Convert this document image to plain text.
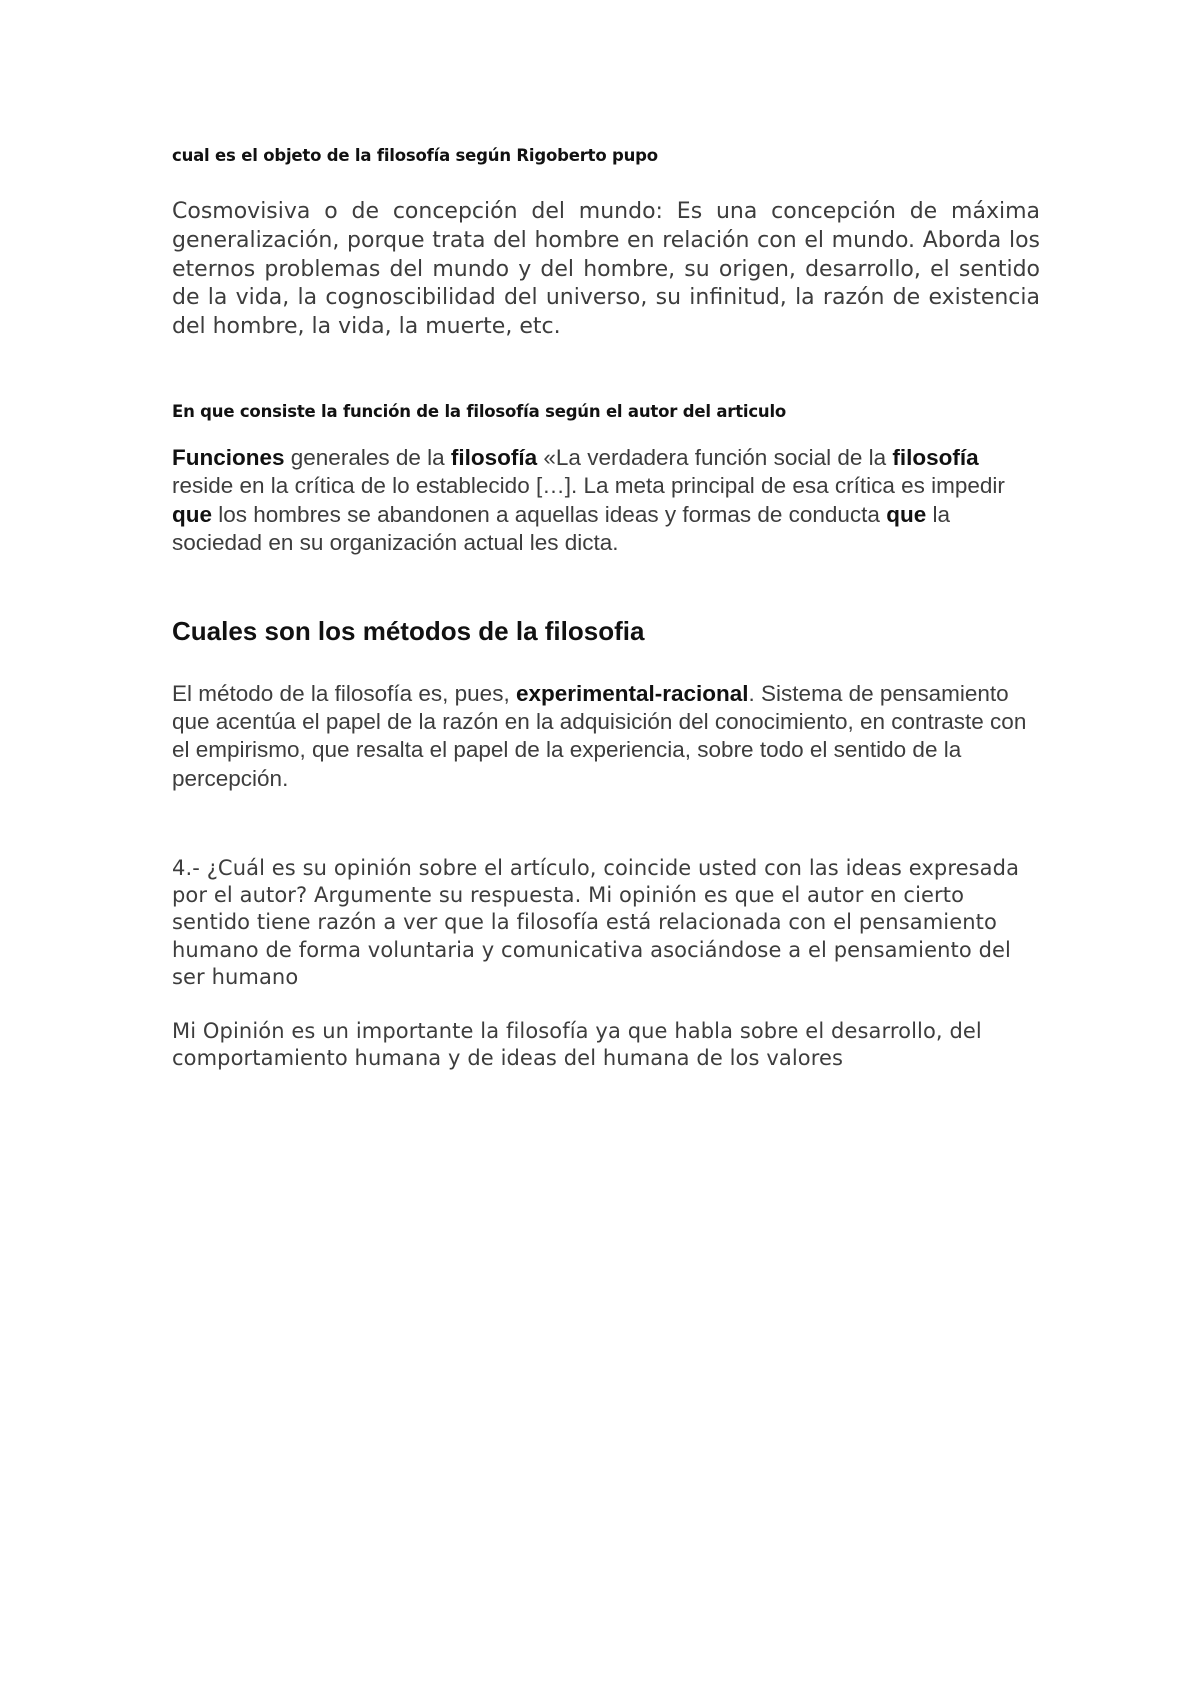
cual es el objeto de la filosofía según Rigoberto pupo

Cosmovisiva o de concepción del mundo: Es una concepción de máxima generalización, porque trata del hombre en relación con el mundo. Aborda los eternos problemas del mundo y del hombre, su origen, desarrollo, el sentido de la vida, la cognoscibilidad del universo, su infinitud, la razón de existencia del hombre, la vida, la muerte, etc.

En que consiste la función de la filosofía según el autor del articulo

Funciones generales de la filosofía «La verdadera función social de la filosofía reside en la crítica de lo establecido […]. La meta principal de esa crítica es impedir que los hombres se abandonen a aquellas ideas y formas de conducta que la sociedad en su organización actual les dicta.

Cuales son los métodos de la filosofia

El método de la filosofía es, pues, experimental-racional. Sistema de pensamiento que acentúa el papel de la razón en la adquisición del conocimiento, en contraste con el empirismo, que resalta el papel de la experiencia, sobre todo el sentido de la percepción.

4.- ¿Cuál es su opinión sobre el artículo, coincide usted con las ideas expresada por el autor? Argumente su respuesta. Mi opinión es que el autor en cierto sentido tiene razón a ver que la filosofía está relacionada con el pensamiento humano de forma voluntaria y comunicativa asociándose a el pensamiento del ser humano

Mi Opinión es un importante la filosofía ya que habla sobre el desarrollo, del comportamiento humana y de ideas del humana de los valores
